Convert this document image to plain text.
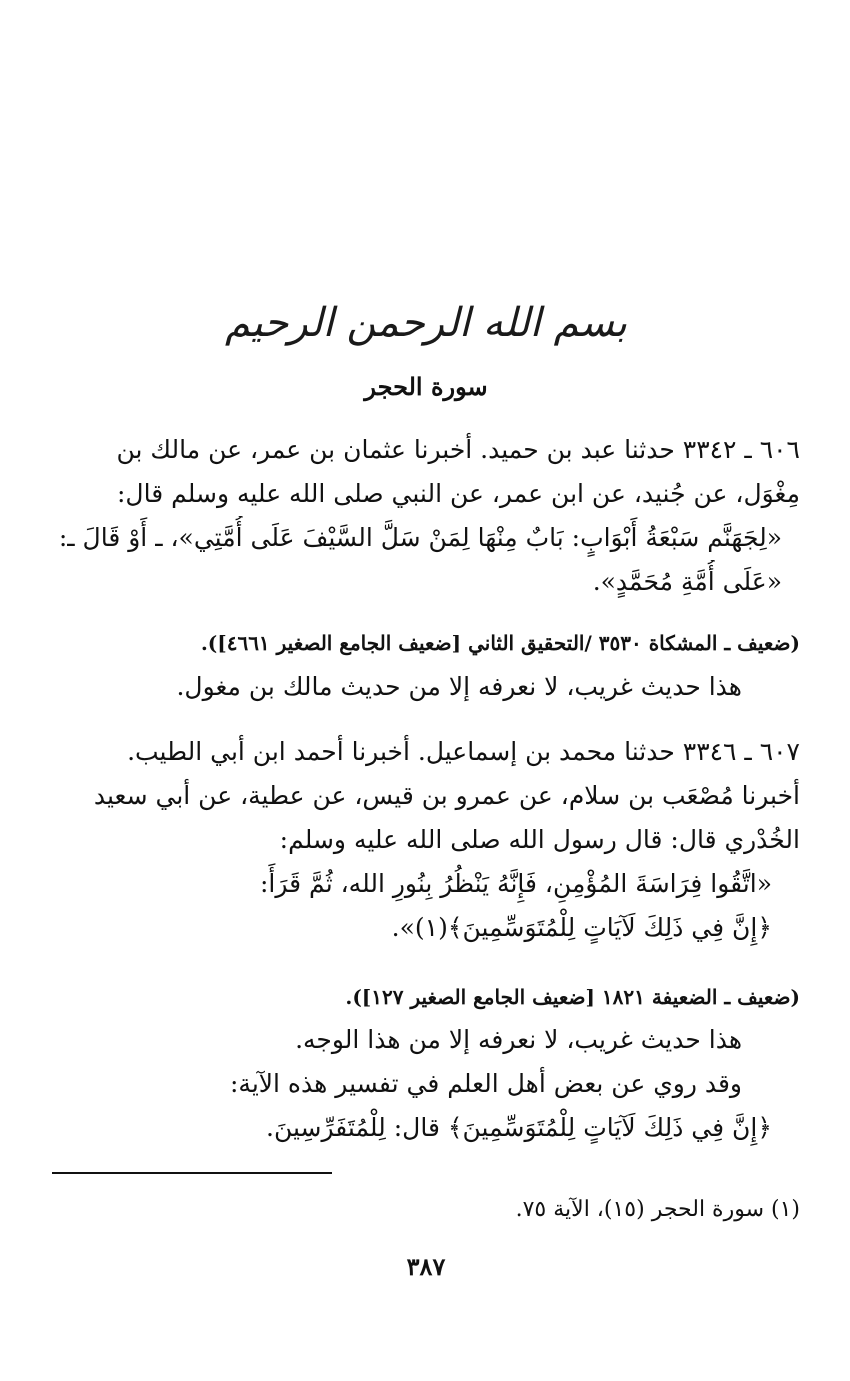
بسم الله الرحمن الرحيم
سورة الحجر
٦٠٦ ـ ٣٣٤٢ حدثنا عبد بن حميد. أخبرنا عثمان بن عمر، عن مالك بن
مِغْوَل، عن جُنيد، عن ابن عمر، عن النبي صلى الله عليه وسلم قال:
«لِجَهَنَّم سَبْعَةُ أَبْوَابٍ: بَابٌ مِنْهَا لِمَنْ سَلَّ السَّيْفَ عَلَى أُمَّتِي»، ـ أَوْ قَالَ ـ:
«عَلَى أُمَّةِ مُحَمَّدٍ».
(ضعيف ـ المشكاة ٣٥٣٠ /التحقيق الثاني [ضعيف الجامع الصغير ٤٦٦١]).
هذا حديث غريب، لا نعرفه إلا من حديث مالك بن مغول.
٦٠٧ ـ ٣٣٤٦ حدثنا محمد بن إسماعيل. أخبرنا أحمد ابن أبي الطيب.
أخبرنا مُصْعَب بن سلام، عن عمرو بن قيس، عن عطية، عن أبي سعيد
الخُدْري قال: قال رسول الله صلى الله عليه وسلم:
«اتَّقُوا فِرَاسَةَ المُؤْمِنِ، فَإِنَّهُ يَنْظُرُ بِنُورِ الله، ثُمَّ قَرَأَ:
﴿إِنَّ فِي ذَلِكَ لَآيَاتٍ لِلْمُتَوَسِّمِينَ﴾(١)».
(ضعيف ـ الضعيفة ١٨٢١ [ضعيف الجامع الصغير ١٢٧]).
هذا حديث غريب، لا نعرفه إلا من هذا الوجه.
وقد روي عن بعض أهل العلم في تفسير هذه الآية:
﴿إِنَّ فِي ذَلِكَ لَآيَاتٍ لِلْمُتَوَسِّمِينَ﴾ قال: لِلْمُتَفَرِّسِينَ.
(١) سورة الحجر (١٥)، الآية ٧٥.
٣٨٧
